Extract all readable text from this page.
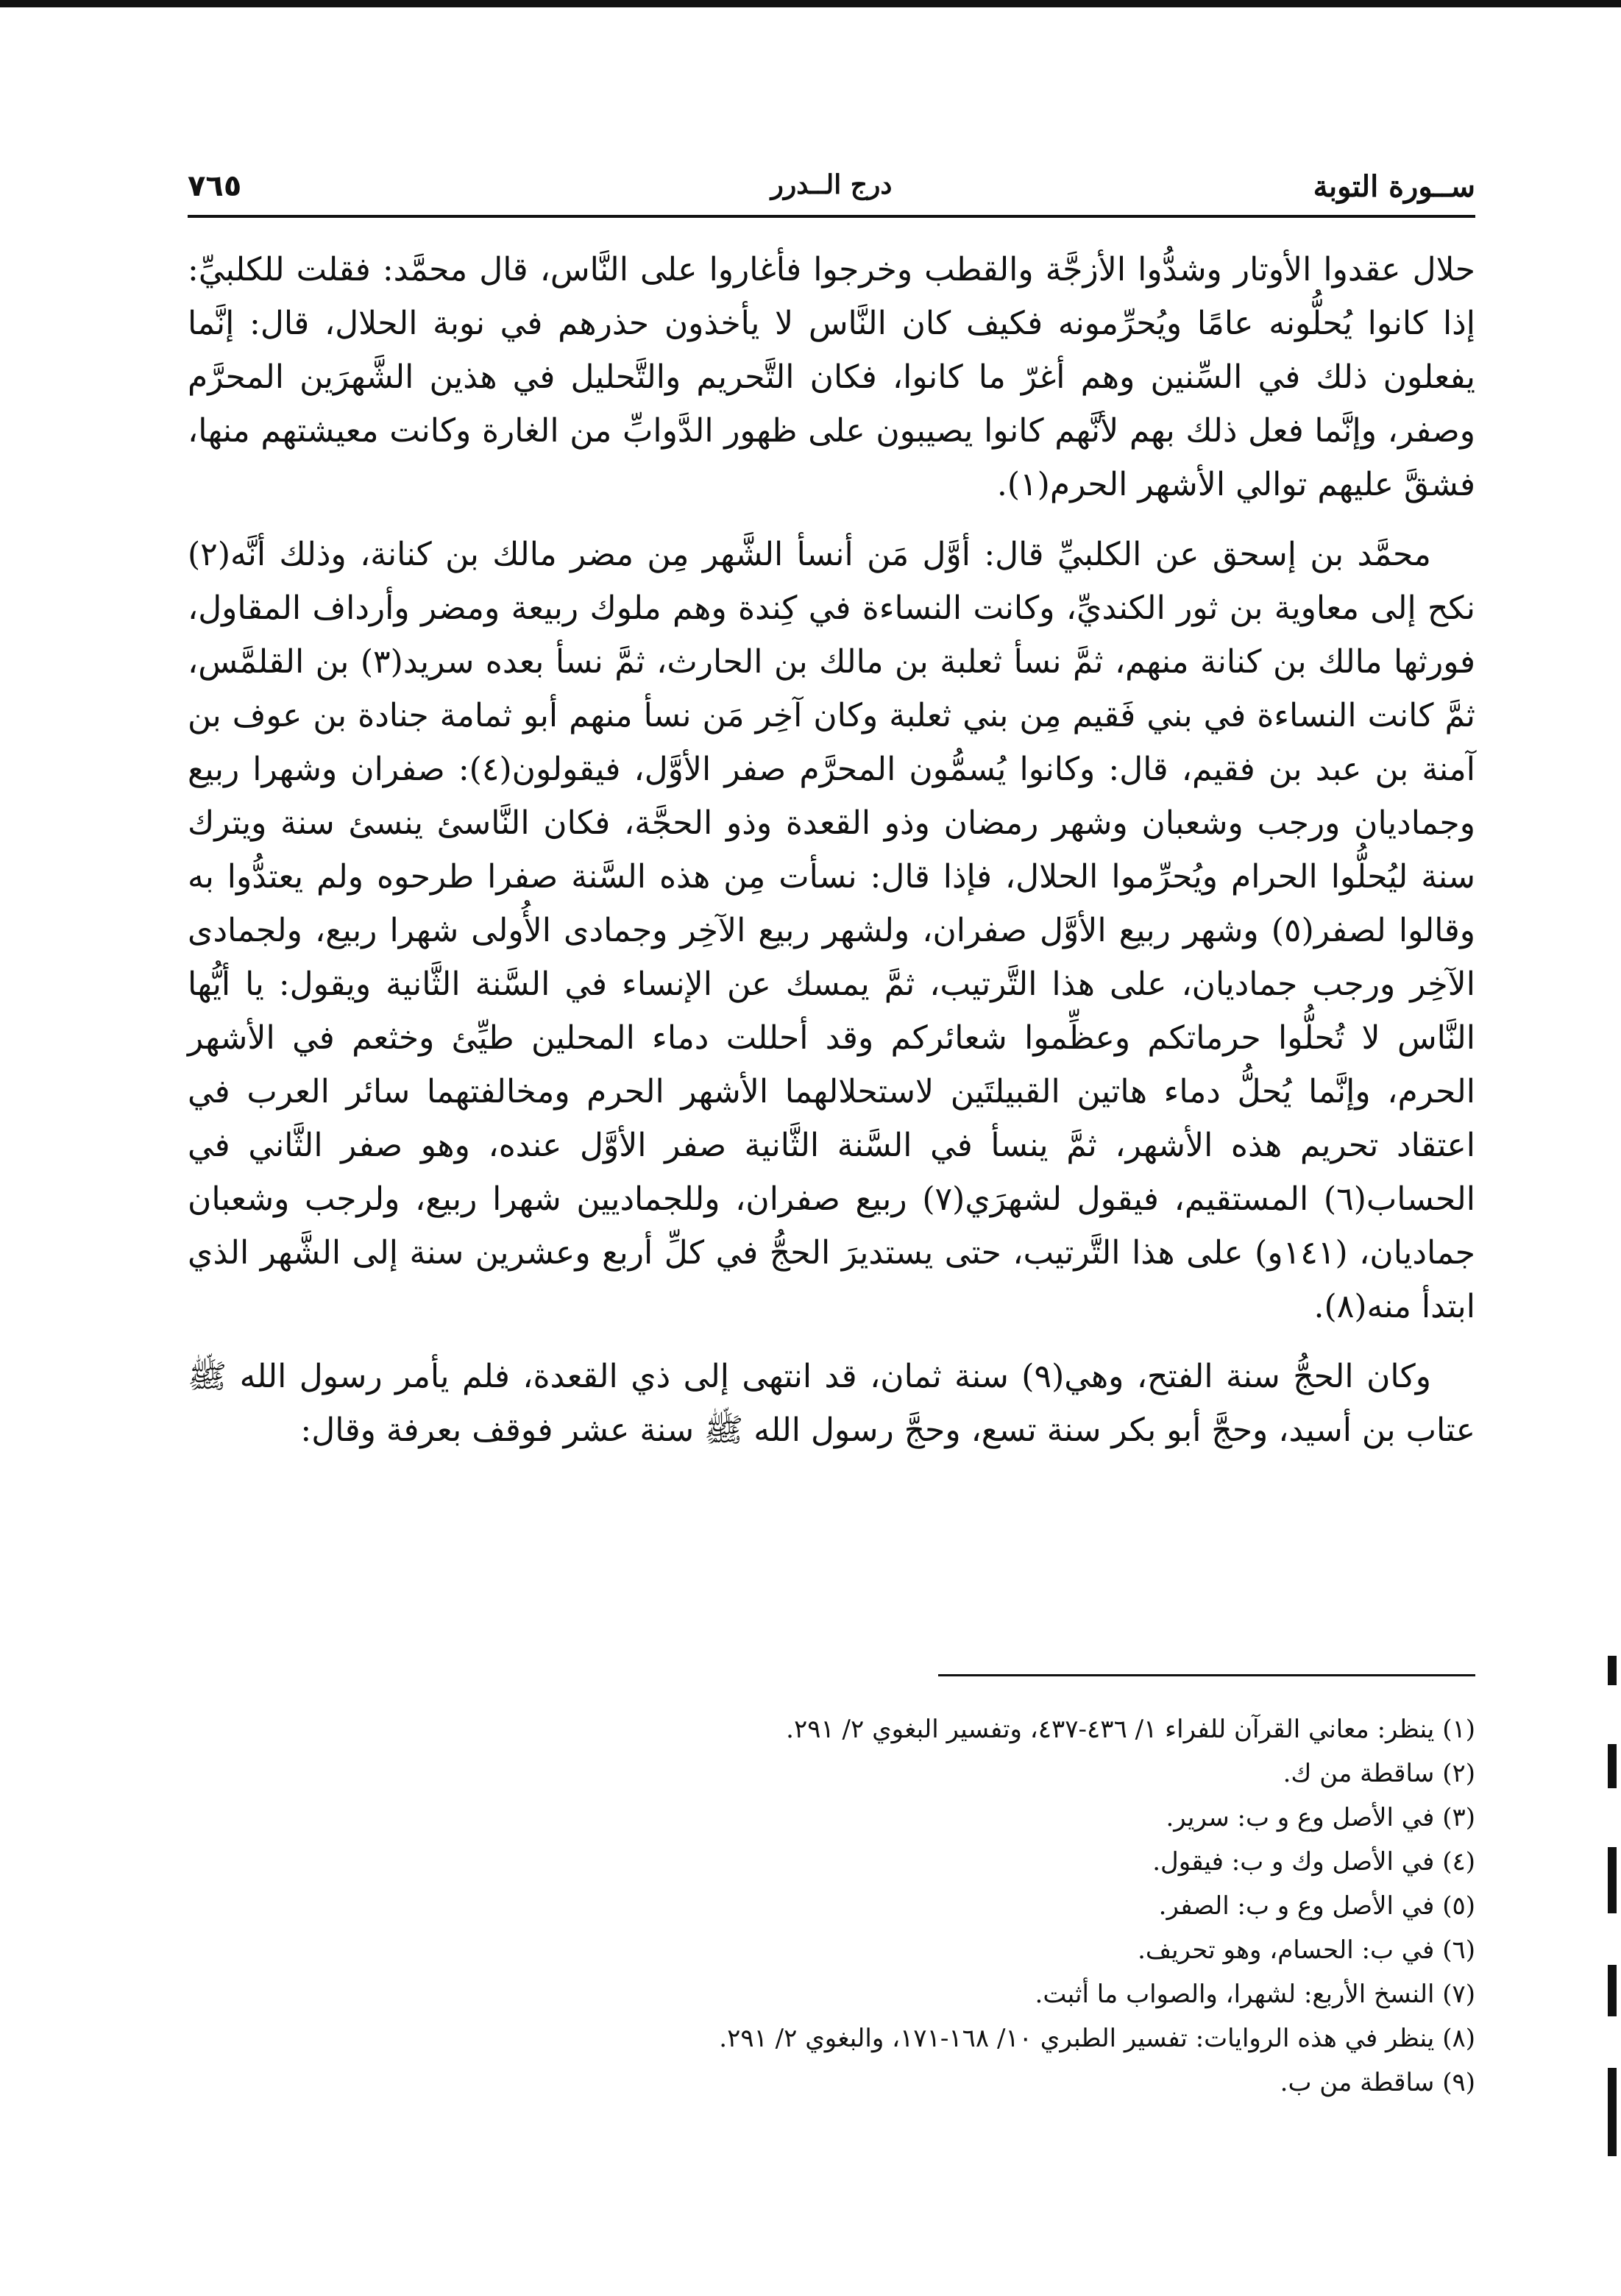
ســورة التوبة
درج الــدرر
٧٦٥

حلال عقدوا الأوتار وشدُّوا الأزجَّة والقطب وخرجوا فأغاروا على النَّاس، قال محمَّد: فقلت للكلبيِّ: إذا كانوا يُحلُّونه عامًا ويُحرِّمونه فكيف كان النَّاس لا يأخذون حذرهم في نوبة الحلال، قال: إنَّما يفعلون ذلك في السِّنين وهم أغرّ ما كانوا، فكان التَّحريم والتَّحليل في هذين الشَّهرَين المحرَّم وصفر، وإنَّما فعل ذلك بهم لأنَّهم كانوا يصيبون على ظهور الدَّوابِّ من الغارة وكانت معيشتهم منها، فشقَّ عليهم توالي الأشهر الحرم(١).

محمَّد بن إسحق عن الكلبيِّ قال: أوَّل مَن أنسأ الشَّهر مِن مضر مالك بن كنانة، وذلك أنَّه(٢) نكح إلى معاوية بن ثور الكنديِّ، وكانت النساءة في كِندة وهم ملوك ربيعة ومضر وأرداف المقاول، فورثها مالك بن كنانة منهم، ثمَّ نسأ ثعلبة بن مالك بن الحارث، ثمَّ نسأ بعده سريد(٣) بن القلمَّس، ثمَّ كانت النساءة في بني فَقيم مِن بني ثعلبة وكان آخِر مَن نسأ منهم أبو ثمامة جنادة بن عوف بن آمنة بن عبد بن فقيم، قال: وكانوا يُسمُّون المحرَّم صفر الأوَّل، فيقولون(٤): صفران وشهرا ربيع وجماديان ورجب وشعبان وشهر رمضان وذو القعدة وذو الحجَّة، فكان النَّاسئ ينسئ سنة ويترك سنة ليُحلُّوا الحرام ويُحرِّموا الحلال، فإذا قال: نسأت مِن هذه السَّنة صفرا طرحوه ولم يعتدُّوا به وقالوا لصفر(٥) وشهر ربيع الأوَّل صفران، ولشهر ربيع الآخِر وجمادى الأُولى شهرا ربيع، ولجمادى الآخِر ورجب جماديان، على هذا التَّرتيب، ثمَّ يمسك عن الإنساء في السَّنة الثَّانية ويقول: يا أيُّها النَّاس لا تُحلُّوا حرماتكم وعظِّموا شعائركم وقد أحللت دماء المحلين طيِّئ وخثعم في الأشهر الحرم، وإنَّما يُحلُّ دماء هاتين القبيلتَين لاستحلالهما الأشهر الحرم ومخالفتهما سائر العرب في اعتقاد تحريم هذه الأشهر، ثمَّ ينسأ في السَّنة الثَّانية صفر الأوَّل عنده، وهو صفر الثَّاني في الحساب(٦) المستقيم، فيقول لشهرَي(٧) ربيع صفران، وللجماديين شهرا ربيع، ولرجب وشعبان جماديان، (١٤١و) على هذا التَّرتيب، حتى يستديرَ الحجُّ في كلِّ أربع وعشرين سنة إلى الشَّهر الذي ابتدأ منه(٨).

وكان الحجُّ سنة الفتح، وهي(٩) سنة ثمان، قد انتهى إلى ذي القعدة، فلم يأمر رسول الله ﷺ عتاب بن أسيد، وحجَّ أبو بكر سنة تسع، وحجَّ رسول الله ﷺ سنة عشر فوقف بعرفة وقال:

(١) ينظر: معاني القرآن للفراء ١/ ٤٣٦-٤٣٧، وتفسير البغوي ٢/ ٢٩١.
(٢) ساقطة من ك.
(٣) في الأصل وع و ب: سرير.
(٤) في الأصل وك و ب: فيقول.
(٥) في الأصل وع و ب: الصفر.
(٦) في ب: الحسام، وهو تحريف.
(٧) النسخ الأربع: لشهرا، والصواب ما أثبت.
(٨) ينظر في هذه الروايات: تفسير الطبري ١٠/ ١٦٨-١٧١، والبغوي ٢/ ٢٩١.
(٩) ساقطة من ب.
